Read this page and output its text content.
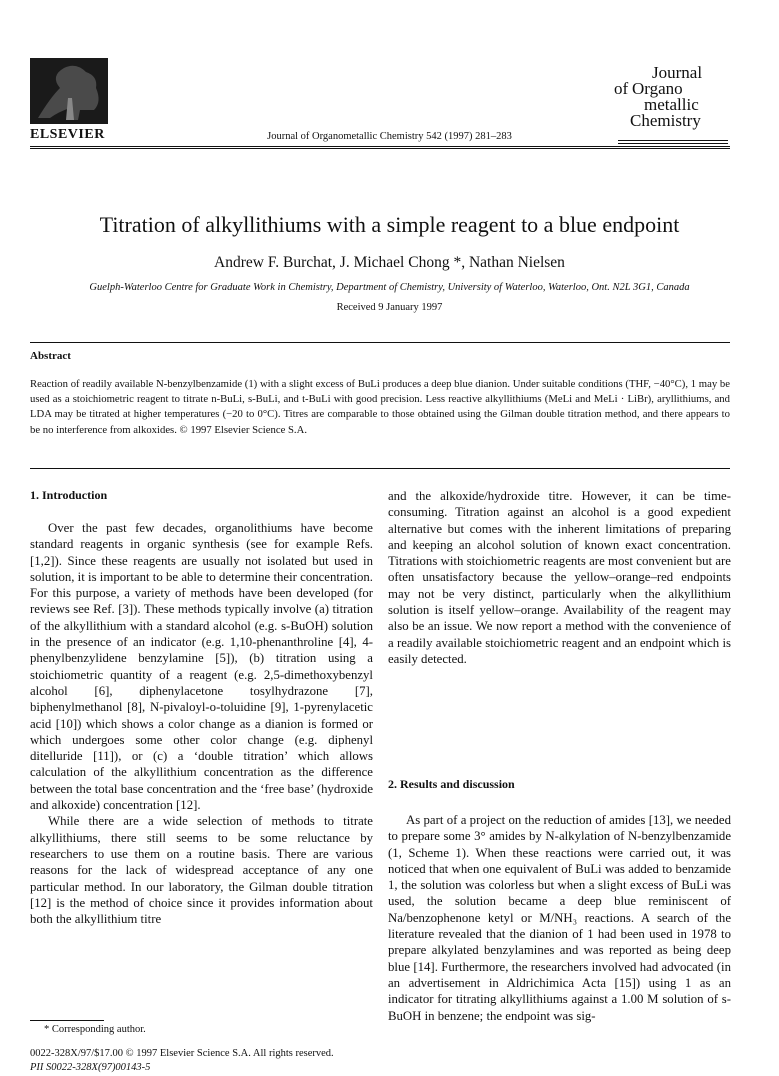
ELSEVIER	Journal of Organometallic Chemistry 542 (1997) 281–283
Journal
of Organo
metallic
Chemistry
Titration of alkyllithiums with a simple reagent to a blue endpoint
Andrew F. Burchat, J. Michael Chong *, Nathan Nielsen
Guelph-Waterloo Centre for Graduate Work in Chemistry, Department of Chemistry, University of Waterloo, Waterloo, Ont. N2L 3G1, Canada
Received 9 January 1997
Abstract
Reaction of readily available N-benzylbenzamide (1) with a slight excess of BuLi produces a deep blue dianion. Under suitable conditions (THF, −40°C), 1 may be used as a stoichiometric reagent to titrate n-BuLi, s-BuLi, and t-BuLi with good precision. Less reactive alkyllithiums (MeLi and MeLi · LiBr), aryllithiums, and LDA may be titrated at higher temperatures (−20 to 0°C). Titres are comparable to those obtained using the Gilman double titration method, and there appears to be no interference from alkoxides. © 1997 Elsevier Science S.A.
1. Introduction

Over the past few decades, organolithiums have become standard reagents in organic synthesis (see for example Refs. [1,2]). Since these reagents are usually not isolated but used in solution, it is important to be able to determine their concentration. For this purpose, a variety of methods have been developed (for reviews see Ref. [3]). These methods typically involve (a) titration of the alkyllithium with a standard alcohol (e.g. s-BuOH) solution in the presence of an indicator (e.g. 1,10-phenanthroline [4], 4-phenylbenzylidene benzylamine [5]), (b) titration using a stoichiometric quantity of a reagent (e.g. 2,5-dimethoxybenzyl alcohol [6], diphenylacetone tosylhydrazone [7], biphenylmethanol [8], N-pivaloyl-o-toluidine [9], 1-pyrenylacetic acid [10]) which shows a color change as a dianion is formed or which undergoes some other color change (e.g. diphenyl ditelluride [11]), or (c) a ‘double titration’ which allows calculation of the alkyllithium concentration as the difference between the total base concentration and the ‘free base’ (hydroxide and alkoxide) concentration [12].

While there are a wide selection of methods to titrate alkyllithiums, there still seems to be some reluctance by researchers to use them on a routine basis. There are various reasons for the lack of widespread acceptance of any one particular method. In our laboratory, the Gilman double titration [12] is the method of choice since it provides information about both the alkyllithium titre

and the alkoxide/hydroxide titre. However, it can be time-consuming. Titration against an alcohol is a good expedient alternative but comes with the inherent limitations of preparing and keeping an alcohol solution of known exact concentration. Titrations with stoichiometric reagents are most convenient but are often unsatisfactory because the yellow–orange–red endpoints may not be very distinct, particularly when the alkyllithium solution is itself yellow–orange. Availability of the reagent may also be an issue. We now report a method with the convenience of a readily available stoichiometric reagent and an endpoint which is easily detected.

2. Results and discussion

As part of a project on the reduction of amides [13], we needed to prepare some 3° amides by N-alkylation of N-benzylbenzamide (1, Scheme 1). When these reactions were carried out, it was noticed that when one equivalent of BuLi was added to benzamide 1, the solution was colorless but when a slight excess of BuLi was used, the solution became a deep blue reminiscent of Na/benzophenone ketyl or M/NH₃ reactions. A search of the literature revealed that the dianion of 1 had been used in 1978 to prepare alkylated benzylamines and was reported as being deep blue [14]. Furthermore, the researchers involved had advocated (in an advertisement in Aldrichimica Acta [15]) using 1 as an indicator for titrating alkyllithiums against a 1.00 M solution of s-BuOH in benzene; the endpoint was sig-

* Corresponding author.
0022-328X/97/$17.00 © 1997 Elsevier Science S.A. All rights reserved.
PII S0022-328X(97)00143-5
